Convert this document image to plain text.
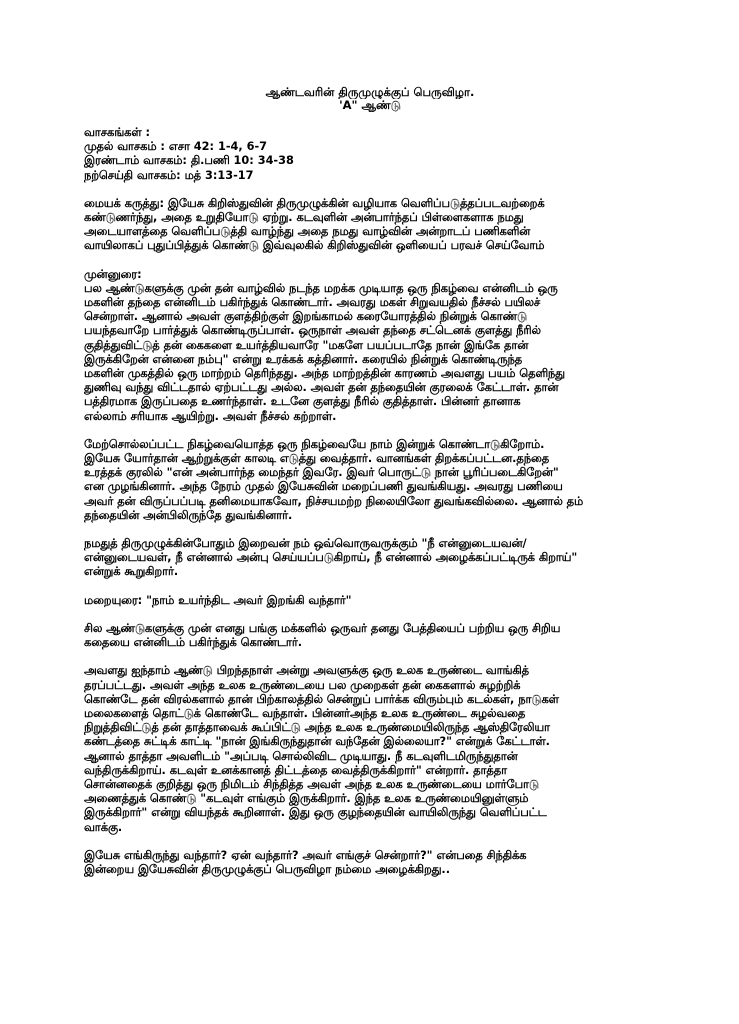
ஆண்டவரின் திருமுழுக்குப் பெருவிழா.
'A" ஆண்டு
வாசகங்கள் :
முதல் வாசகம் : எசா 42: 1-4, 6-7
இரண்டாம் வாசகம்: தி.பணி 10: 34-38
நற்செய்தி வாசகம்: மத் 3:13-17
மையக் கருத்து: இயேசு கிறிஸ்துவின் திருமுழுக்கின் வழியாக வெளிப்படுத்தப்படவற்றைக்
கண்டுணர்ந்து, அதை உறுதியோடு ஏற்று. கடவுளின் அன்பார்ந்தப் பிள்ளைகளாக நமது
அடையாளத்தை வெளிப்படுத்தி வாழ்ந்து அதை நமது வாழ்வின் அன்றாடப் பணிகளின்
வாயிலாகப் புதுப்பித்துக் கொண்டு இவ்வுலகில் கிறிஸ்துவின் ஒளியைப் பரவச் செய்வோம்
முன்னுரை:
பல ஆண்டுகளுக்கு முன் தன் வாழ்வில் நடந்த மறக்க முடியாத ஒரு நிகழ்வை என்னிடம் ஒரு
மகளின் தந்தை என்னிடம் பகிர்ந்துக் கொண்டார். அவரது மகள் சிறுவயதில் நீச்சல் பயிலச்
சென்றாள். ஆனால் அவள் குளத்திற்குள் இறங்காமல் கரையோரத்தில் நின்றுக் கொண்டு
பயந்தவாறே பார்த்துக் கொண்டிருப்பாள். ஒருநாள் அவள் தந்தை சட்டெனக் குளத்து நீரில்
குதித்துவிட்டுத் தன் கைகளை உயர்த்தியவாரே "மகளே பயப்படாதே நான் இங்கே தான்
இருக்கிறேன் என்னை நம்பு" என்று உரக்கக் கத்தினார். கரையில் நின்றுக் கொண்டிருந்த
மகளின் முகத்தில் ஒரு மாற்றம் தெரிந்தது. அந்த மாற்றத்தின் காரணம் அவளது பயம் தெளிந்து
துணிவு வந்து விட்டதால் ஏற்பட்டது அல்ல. அவள் தன் தந்தையின் குரலைக் கேட்டாள். தான்
பத்திரமாக இருப்பதை உணர்ந்தாள். உடனே குளத்து நீரில் குதித்தாள். பின்னர் தானாக
எல்லாம் சரியாக ஆயிற்று. அவள் நீச்சல் கற்றாள்.
மேற்சொல்லப்பட்ட நிகழ்வையொத்த ஒரு நிகழ்வையே நாம் இன்றுக் கொண்டாடுகிறோம்.
இயேசு யோர்தான் ஆற்றுக்குள் காலடி எடுத்து வைத்தார். வானங்கள் திறக்கப்பட்டன.தந்தை
உரத்தக் குரலில் "என் அன்பார்ந்த மைந்தர் இவரே. இவர் பொருட்டு நான் பூரிப்படைகிறேன்"
என முழங்கினார். அந்த நேரம் முதல் இயேசுவின் மறைப்பணி துவங்கியது. அவரது பணியை
அவர் தன் விருப்பப்படி தனிமையாகவோ, நிச்சயமற்ற நிலையிலோ துவங்கவில்லை. ஆனால் தம்
தந்தையின் அன்பிலிருந்தே துவங்கினார்.
நமதுத் திருமுழுக்கின்போதும் இறைவன் நம் ஒவ்வொருவருக்கும் "நீ என்னுடையவன்/
என்னுடையவள், நீ என்னால் அன்பு செய்யப்படுகிறாய், நீ என்னால் அழைக்கப்பட்டிருக் கிறாய்"
என்றுக் கூறுகிறார்.
மறையுரை: "நாம் உயர்ந்திட அவர் இறங்கி வந்தார்"
சில ஆண்டுகளுக்கு முன் எனது பங்கு மக்களில் ஒருவர் தனது பேத்தியைப் பற்றிய ஒரு சிறிய
கதையை என்னிடம் பகிர்ந்துக் கொண்டார்.
அவளது ஐந்தாம் ஆண்டு பிறந்தநாள் அன்று அவளுக்கு ஒரு உலக உருண்டை வாங்கித்
தரப்பட்டது. அவள் அந்த உலக உருண்டையை பல முறைகள் தன் கைகளால் சுழற்றிக்
கொண்டே தன் விரல்களால் தான் பிற்காலத்தில் சென்றுப் பார்க்க விரும்பும் கடல்கள், நாடுகள்
மலைகளைத் தொட்டுக் கொண்டே வந்தாள். பின்னர்அந்த உலக உருண்டை சுழல்வதை
நிறுத்திவிட்டுத் தன் தாத்தாவைக் கூப்பிட்டு அந்த உலக உருண்மையிலிருந்த ஆஸ்திரேலியா
கண்டத்தை சுட்டிக் காட்டி "நான் இங்கிருந்துதான் வந்தேன் இல்லையா?" என்றுக் கேட்டாள்.
ஆனால் தாத்தா அவளிடம் "அப்படி சொல்லிவிட முடியாது. நீ கடவுளிடமிருந்துதான்
வந்திருக்கிறாய். கடவுள் உனக்கானத் திட்டத்தை வைத்திருக்கிறார்" என்றார். தாத்தா
சொன்னதைக் குறித்து ஒரு நிமிடம் சிந்தித்த அவள் அந்த உலக உருண்டையை மார்போடு
அணைத்துக் கொண்டு "கடவுள் எங்கும் இருக்கிறார். இந்த உலக உருண்மையினுள்ளும்
இருக்கிறார்" என்று வியந்தக் கூறினாள். இது ஒரு குழந்தையின் வாயிலிருந்து வெளிப்பட்ட
வாக்கு.
இயேசு எங்கிருந்து வந்தார்? ஏன் வந்தார்? அவர் எங்குச் சென்றார்?" என்பதை சிந்திக்க
இன்றைய இயேசுவின் திருமுழுக்குப் பெருவிழா நம்மை அழைக்கிறது..
